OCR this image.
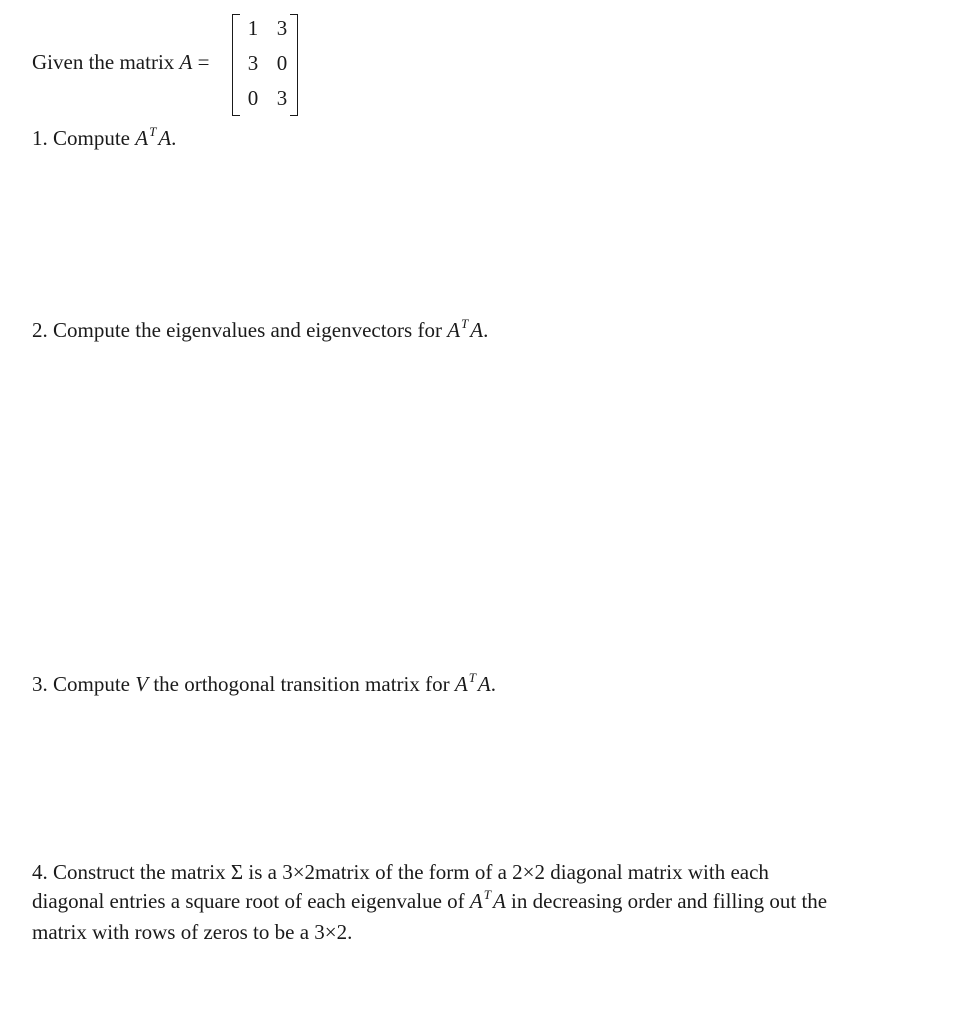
Given the matrix A =
1 3
3 0
0 3
1. Compute $A^TA$.
2. Compute the eigenvalues and eigenvectors for $A^TA$.
3. Compute V the orthogonal transition matrix for $A^TA$.
4. Construct the matrix Σ is a 3×2matrix of the form of a 2×2 diagonal matrix with each
diagonal entries a square root of each eigenvalue of $A^TA$ in decreasing order and filling out the
matrix with rows of zeros to be a 3×2.
